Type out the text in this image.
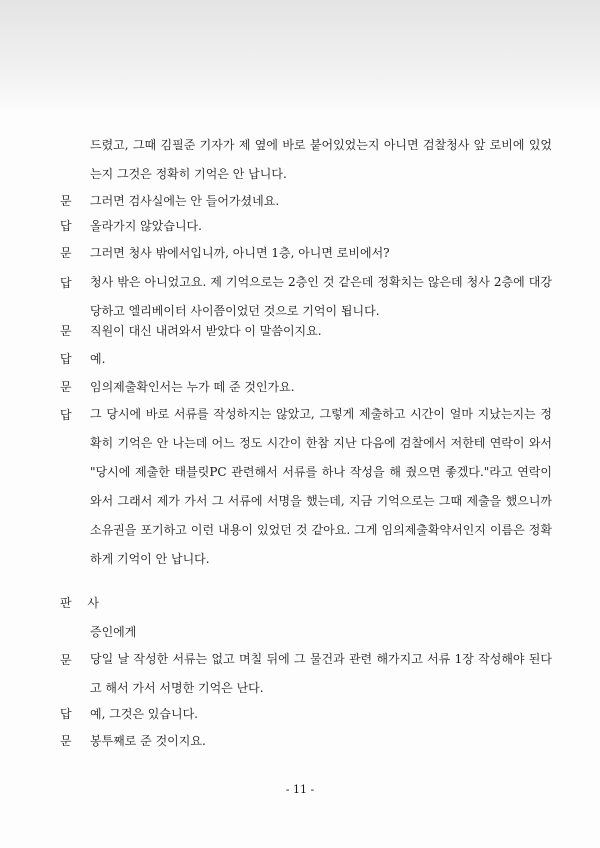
드렸고, 그때 김필준 기자가 제 옆에 바로 붙어있었는지 아니면 검찰청사 앞 로비에 있었는지 그것은 정확히 기억은 안 납니다.
문	그러면 검사실에는 안 들어가셨네요.
답	올라가지 않았습니다.
문	그러면 청사 밖에서입니까, 아니면 1층, 아니면 로비에서?
답	청사 밖은 아니었고요. 제 기억으로는 2층인 것 같은데 정확치는 않은데 청사 2층에 대강당하고 엘리베이터 사이쯤이었던 것으로 기억이 됩니다.
문	직원이 대신 내려와서 받았다 이 말씀이지요.
답	예.
문	임의제출확인서는 누가 떼 준 것인가요.
답	그 당시에 바로 서류를 작성하지는 않았고, 그렇게 제출하고 시간이 얼마 지났는지는 정확히 기억은 안 나는데 어느 정도 시간이 한참 지난 다음에 검찰에서 저한테 연락이 와서 "당시에 제출한 태블릿PC 관련해서 서류를 하나 작성을 해 줬으면 좋겠다."라고 연락이 와서 그래서 제가 가서 그 서류에 서명을 했는데, 지금 기억으로는 그때 제출을 했으니까 소유권을 포기하고 이런 내용이 있었던 것 같아요. 그게 임의제출확약서인지 이름은 정확하게 기억이 안 납니다.
판 사
증인에게
문	당일 날 작성한 서류는 없고 며칠 뒤에 그 물건과 관련 해가지고 서류 1장 작성해야 된다고 해서 가서 서명한 기억은 난다.
답	예, 그것은 있습니다.
문	봉투째로 준 것이지요.
- 11 -
